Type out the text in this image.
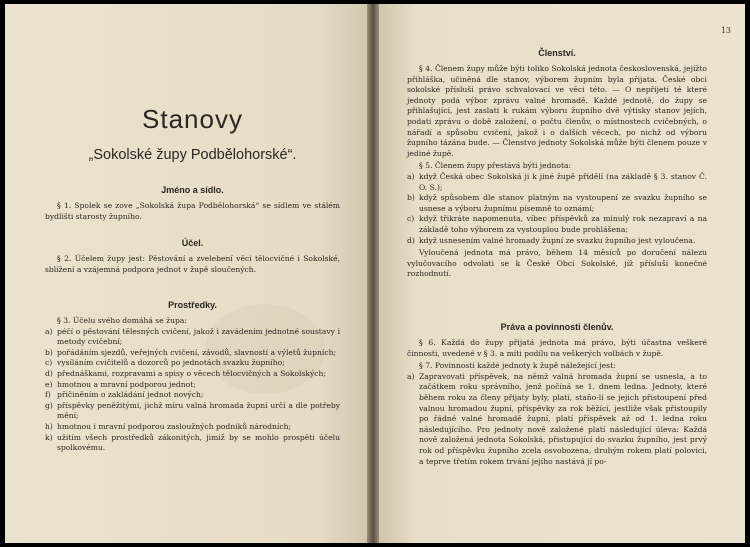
Stanovy
„Sokolské župy Podbělohorské“.
Jméno a sídlo.

§ 1. Spolek se zove „Sokolská župa Podbělohorská“ se sídlem ve stálém bydlišti starosty župního.

Účel.

§ 2. Účelem župy jest: Pěstování a zvelebení věci tělocvičné i Sokolské, sblížení a vzájemná podpora jednot v župě sloučených.

Prostředky.

§ 3. Účelu svého domáhá se župa:

a) péčí o pěstování tělesných cvičení, jakož i zavádením jednotné soustavy i metody cvičební;
b) pořádáním sjezdů, veřejných cvičení, závodů, slavností a výletů župních;
c) vysíláním cvičitelů a dozorců po jednotách svazku župního;
d) přednáškami, rozpravami a spisy o věcech tělocvičných a Sokolských;
e) hmotnou a mravní podporou jednot;
f) přičiněním o zakládání jednot nových;
g) příspěvky peněžitými, jichž míru valná hromada župní určí a dle potřeby mění;
h) hmotnou i mravní podporou zasloužných podniků národních;
k) užitím všech prostředků zákonitých, jimiž by se mohlo prospěti účelu spolkovému.
13
Členství.

§ 4. Členem župy může býti toliko Sokolská jednota československá, jejížto přihláška, učiněná dle stanov, výborem župním byla přijata. České obci sokolské přísluší právo schvalovací ve věci této. — O nepřijetí té které jednoty podá výbor zprávu valné hromadě. Každé jednotě, do župy se přihlašující, jest zaslati k rukám výboru župního dvě výtisky stanov jejích, podati zprávu o době založení, o počtu členův, o místnostech cvičebných, o nářadí a spůsobu cvičení, jakož i o dalších věcech, po nichž od výboru župního tázána bude. — Členstvo jednoty Sokolská může býti členem pouze v jediné župě.

§ 5. Členem župy přestává býti jednota:

a) když Česká obec Sokolská ji k jiné župě přidělí (na základě § 3. stanov Č. O. S.);
b) když spůsobem dle stanov platným na vystoupení ze svazku župního se usnese a výboru župnímu písemně to oznámí;
c) když třikráte napomenuta, víbec příspěvků za minulý rok nezapraví a na základě toho výborem za vystouplou bude prohlášena;
d) když usnesením valné hromady župní ze svazku župního jest vyloučena.

Vyloučená jednota má právo, během 14 měsíců po doručení nálezu vylučovacího odvolati se k České Obci Sokolské, jíž přísluší konečné rozhodnutí.

Práva a povinnosti členův.

§ 6. Každá do župy přijatá jednota má právo, býti účastna veškeré činnosti, uvedené v § 3. a míti podílu na veškerých volbách v župě.

§ 7. Povinnosti každé jednoty k župě náležející jest:

a) Zapravovati příspěvek, na němž valná hromada župní se usnesla, a to začátkem roku správního, jenž počíná se 1. dnem ledna. Jednoty, které během roku za členy přijaty byly, platí, staño-li se jejich přistoupení před valnou hromadou župní, příspěvky za rok běžící, jestliže však přistoupily po řádné valné hromadě župní, platí příspěvek až od 1. ledna roku následujícího. Pro jednoty nově založené platí následující úleva: Každá nově založená jednota Sokolská, přistupující do svazku župního, jest prvý rok od příspěvku župního zcela osvobozena, druhým rokem platí polovici, a teprve třetím rokem trvání jejího nastává jí po-
